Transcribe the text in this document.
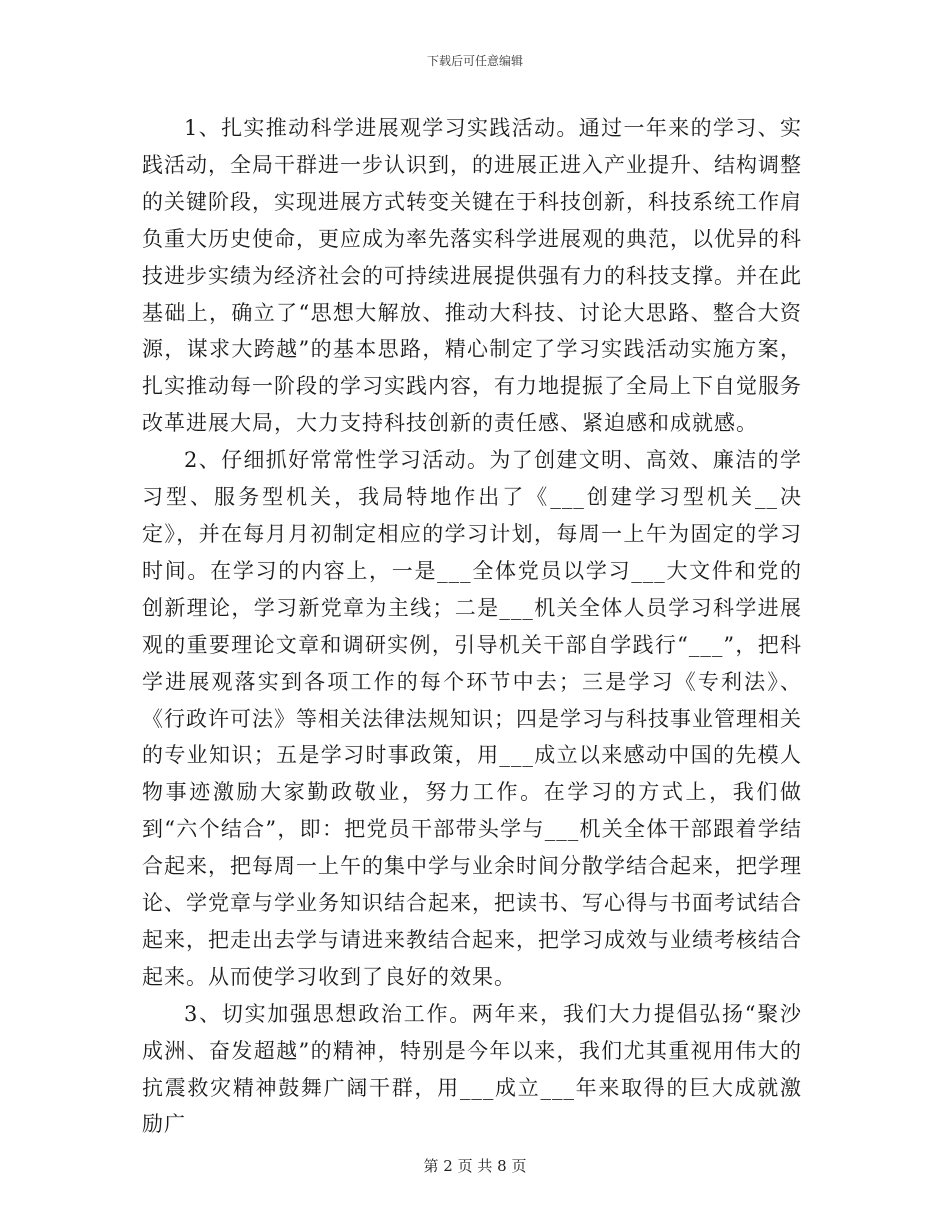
下载后可任意编辑

1、扎实推动科学进展观学习实践活动。通过一年来的学习、实践活动，全局干群进一步认识到，的进展正进入产业提升、结构调整的关键阶段，实现进展方式转变关键在于科技创新，科技系统工作肩负重大历史使命，更应成为率先落实科学进展观的典范，以优异的科技进步实绩为经济社会的可持续进展提供强有力的科技支撑。并在此基础上，确立了“思想大解放、推动大科技、讨论大思路、整合大资源，谋求大跨越”的基本思路，精心制定了学习实践活动实施方案，扎实推动每一阶段的学习实践内容，有力地提振了全局上下自觉服务改革进展大局，大力支持科技创新的责任感、紧迫感和成就感。

2、仔细抓好常常性学习活动。为了创建文明、高效、廉洁的学习型、服务型机关，我局特地作出了《___创建学习型机关__决定》，并在每月月初制定相应的学习计划，每周一上午为固定的学习时间。在学习的内容上，一是___全体党员以学习___大文件和党的创新理论，学习新党章为主线；二是___机关全体人员学习科学进展观的重要理论文章和调研实例，引导机关干部自学践行“___”，把科学进展观落实到各项工作的每个环节中去；三是学习《专利法》、《行政许可法》等相关法律法规知识；四是学习与科技事业管理相关的专业知识；五是学习时事政策，用___成立以来感动中国的先模人物事迹激励大家勤政敬业，努力工作。在学习的方式上，我们做到“六个结合”，即：把党员干部带头学与___机关全体干部跟着学结合起来，把每周一上午的集中学与业余时间分散学结合起来，把学理论、学党章与学业务知识结合起来，把读书、写心得与书面考试结合起来，把走出去学与请进来教结合起来，把学习成效与业绩考核结合起来。从而使学习收到了良好的效果。

3、切实加强思想政治工作。两年来，我们大力提倡弘扬“聚沙成洲、奋发超越”的精神，特别是今年以来，我们尤其重视用伟大的抗震救灾精神鼓舞广阔干群，用___成立___年来取得的巨大成就激励广

第 2 页 共 8 页
